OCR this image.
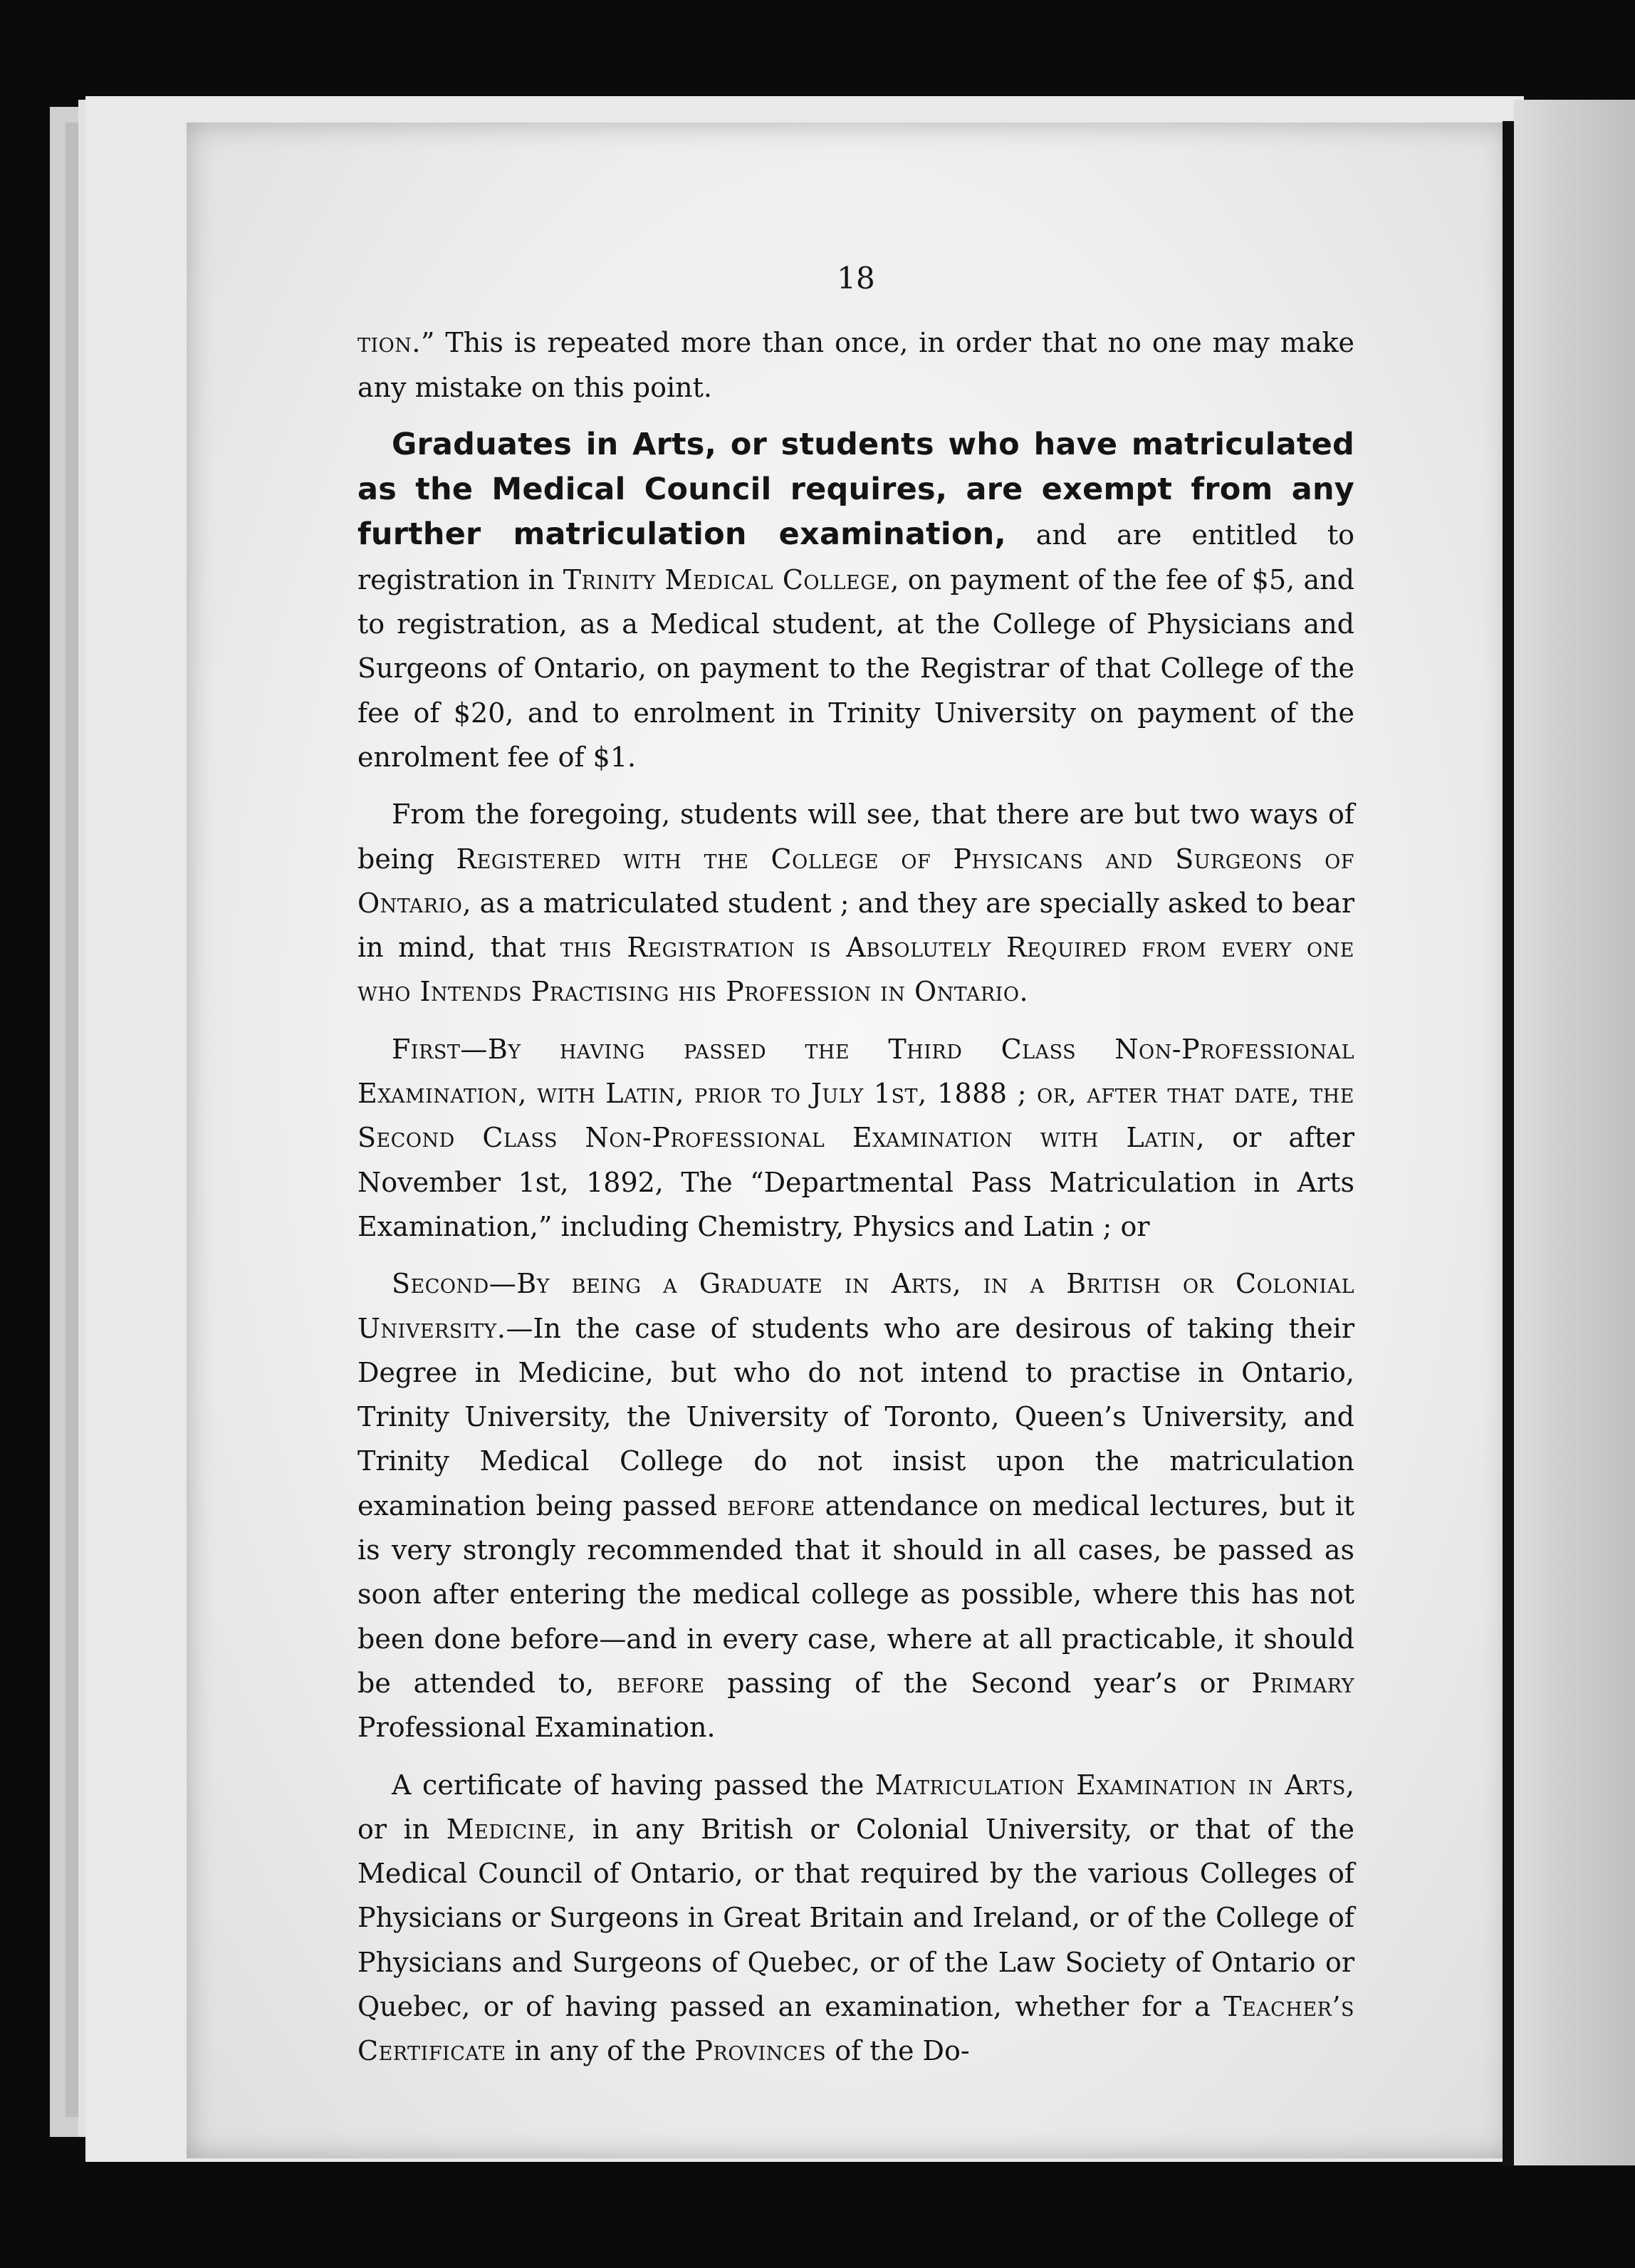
18

tion.” This is repeated more than once, in order that no one may make any mistake on this point.

Graduates in Arts, or students who have matriculated as the Medical Council requires, are exempt from any further matriculation examination, and are entitled to registration in Trinity Medical College, on payment of the fee of $5, and to registration, as a Medical student, at the College of Physicians and Surgeons of Ontario, on payment to the Registrar of that College of the fee of $20, and to enrolment in Trinity University on payment of the enrolment fee of $1.

From the foregoing, students will see, that there are but two ways of being Registered with the College of Physicans and Surgeons of Ontario, as a matriculated student ; and they are specially asked to bear in mind, that this Registration is Absolutely Required from every one who Intends Practising his Profession in Ontario.

First—By having passed the Third Class Non-Professional Examination, with Latin, prior to July 1st, 1888 ; or, after that date, the Second Class Non-Professional Examination with Latin, or after November 1st, 1892, The “Departmental Pass Matriculation in Arts Examination,” including Chemistry, Physics and Latin ; or

Second—By being a Graduate in Arts, in a British or Colonial University.—In the case of students who are desirous of taking their Degree in Medicine, but who do not intend to practise in Ontario, Trinity University, the University of Toronto, Queen’s University, and Trinity Medical College do not insist upon the matriculation examination being passed before attendance on medical lectures, but it is very strongly recommended that it should in all cases, be passed as soon after entering the medical college as possible, where this has not been done before—and in every case, where at all practicable, it should be attended to, before passing of the Second year’s or Primary Professional Examination.

A certificate of having passed the Matriculation Examination in Arts, or in Medicine, in any British or Colonial University, or that of the Medical Council of Ontario, or that required by the various Colleges of Physicians or Surgeons in Great Britain and Ireland, or of the College of Physicians and Surgeons of Quebec, or of the Law Society of Ontario or Quebec, or of having passed an examination, whether for a Teacher’s Certificate in any of the Provinces of the Do-
